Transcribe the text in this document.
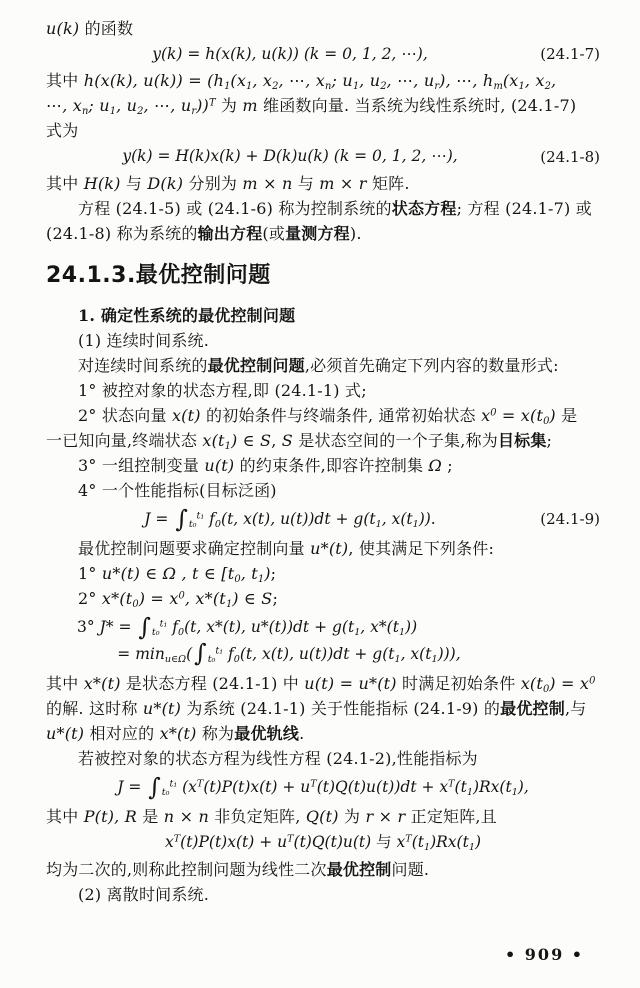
u(k) 的函数
y(k) = h(x(k), u(k)) (k = 0, 1, 2, ⋯),	(24.1-7)
其中 h(x(k), $u(k)) = (h_1(x_1$, $x_2$, ⋯, $x_n$; $u_1$, $u_2$, ⋯, $u_r$), ⋯, $h_m(x_1$, $x_2$,
⋯, $x_n$; $u_1$, $u_2$, ⋯, $u_r))^T$ 为 m 维函数向量. 当系统为线性系统时, (24.1-7)
式为
y(k) = H(k)x(k) + D(k)u(k) (k = 0, 1, 2, ⋯),	(24.1-8)
其中 H(k) 与 D(k) 分别为 m × n 与 m × r 矩阵.
方程 (24.1-5) 或 (24.1-6) 称为控制系统的状态方程; 方程 (24.1-7) 或
(24.1-8) 称为系统的输出方程(或量测方程).
24.1.3.最优控制问题
1. 确定性系统的最优控制问题
(1) 连续时间系统.
对连续时间系统的最优控制问题,必须首先确定下列内容的数量形式:
1° 被控对象的状态方程,即 (24.1-1) 式;
2° 状态向量 x(t) 的初始条件与终端条件, 通常初始状态 $x^0 = x(t_0)$ 是
一已知向量,终端状态 $x(t_1)$ ∈ S, S 是状态空间的一个子集,称为目标集;
3° 一组控制变量 u(t) 的约束条件,即容许控制集 Ω ;
4° 一个性能指标(目标泛函)
$J = \int_{t_0}^{t_1}$ $f_0(t$, x(t), $u(t))dt + g(t_1$, $x(t_1)$).	(24.1-9)
最优控制问题要求确定控制向量 u*(t), 使其满足下列条件:
1° u*(t) ∈ Ω , t ∈ [$t_0$, $t_1$);
2° $x*(t_0) = x^0$, $x*(t_1)$ ∈ S;
3° $J* = \int_{t_0}^{t_1}$ $f_0(t$, x*(t), $u*(t))dt + g(t_1$, $x*(t_1)$)
= $\min_{u\in\Omega}(\int_{t_0}^{t_1}$ $f_0(t$, x(t), $u(t))dt + g(t_1$, $x(t_1)$)),
其中 x*(t) 是状态方程 (24.1-1) 中 u(t) = u*(t) 时满足初始条件 $x(t_0) = x^0$
的解. 这时称 u*(t) 为系统 (24.1-1) 关于性能指标 (24.1-9) 的最优控制,与
u*(t) 相对应的 x*(t) 称为最优轨线.
若被控对象的状态方程为线性方程 (24.1-2),性能指标为
$J = \int_{t_0}^{t_1}$ $(x^T(t)P(t)x(t) + u^T(t)Q(t)u(t))dt + x^T(t_1)Rx(t_1)$,
其中 P(t), R 是 n × n 非负定矩阵, Q(t) 为 r × r 正定矩阵,且
$x^T(t)P(t)x(t) + u^T(t)Q(t)u(t)$ 与 $x^T(t_1)Rx(t_1)$
均为二次的,则称此控制问题为线性二次最优控制问题.
(2) 离散时间系统.
• 909 •
